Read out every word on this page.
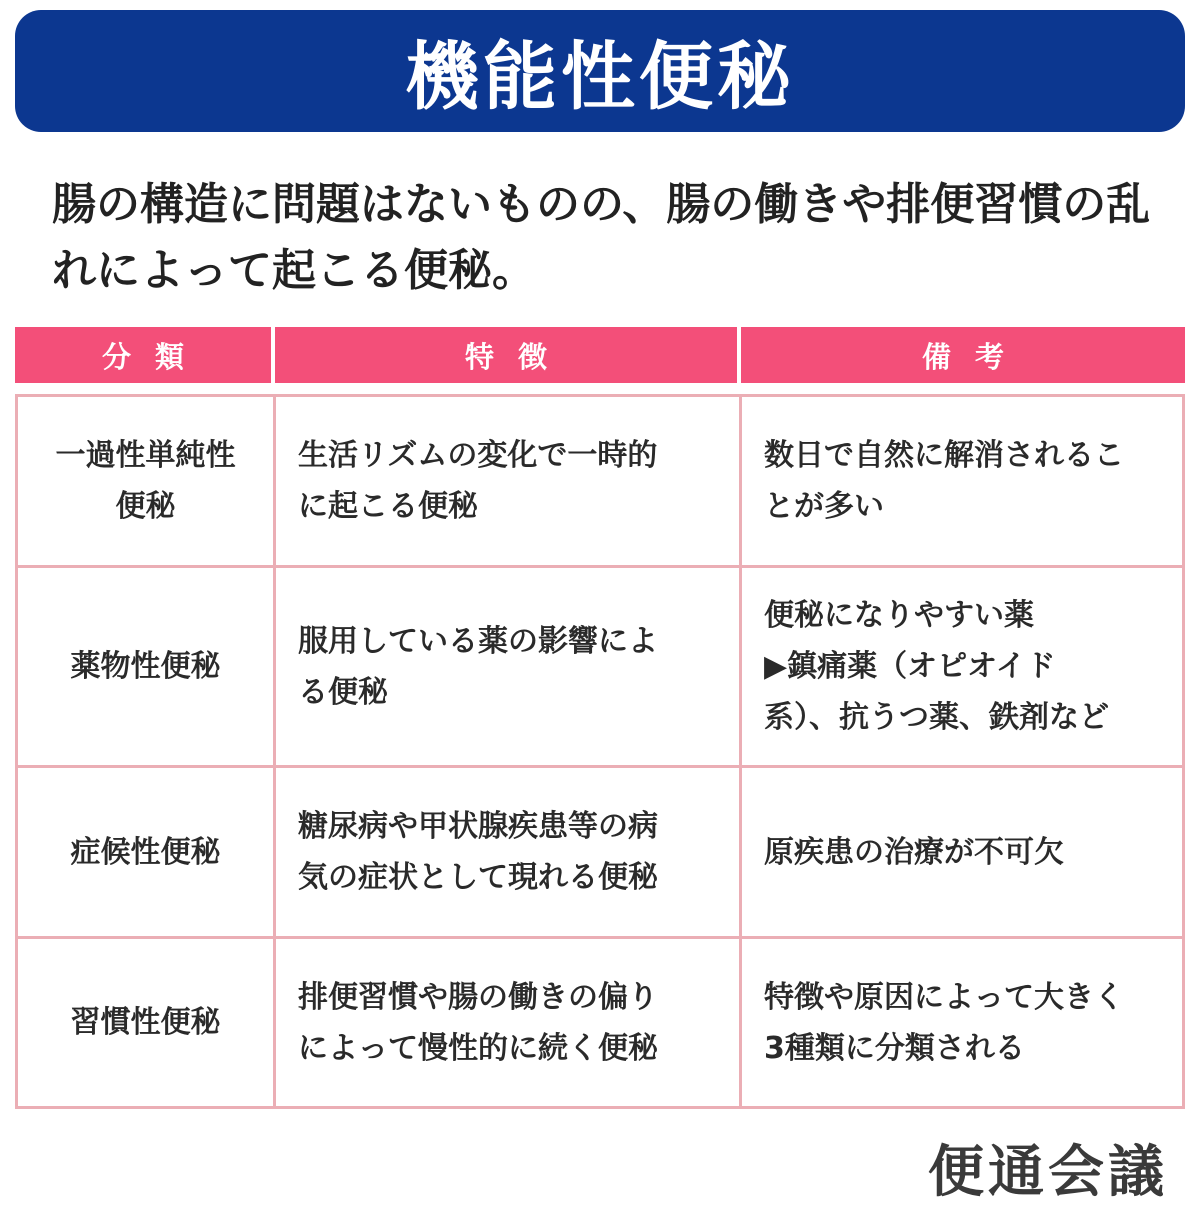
機能性便秘

腸の構造に問題はないものの、腸の働きや排便習慣の乱れによって起こる便秘。

分類	特徴	備考
一過性単純性
便秘
生活リズムの変化で一時的
に起こる便秘
数日で自然に解消されるこ
とが多い
薬物性便秘
服用している薬の影響によ
る便秘
便秘になりやすい薬
▶鎮痛薬（オピオイド
系）、抗うつ薬、鉄剤など
症候性便秘
糖尿病や甲状腺疾患等の病
気の症状として現れる便秘
原疾患の治療が不可欠
習慣性便秘
排便習慣や腸の働きの偏り
によって慢性的に続く便秘
特徴や原因によって大きく
3種類に分類される
便通会議
